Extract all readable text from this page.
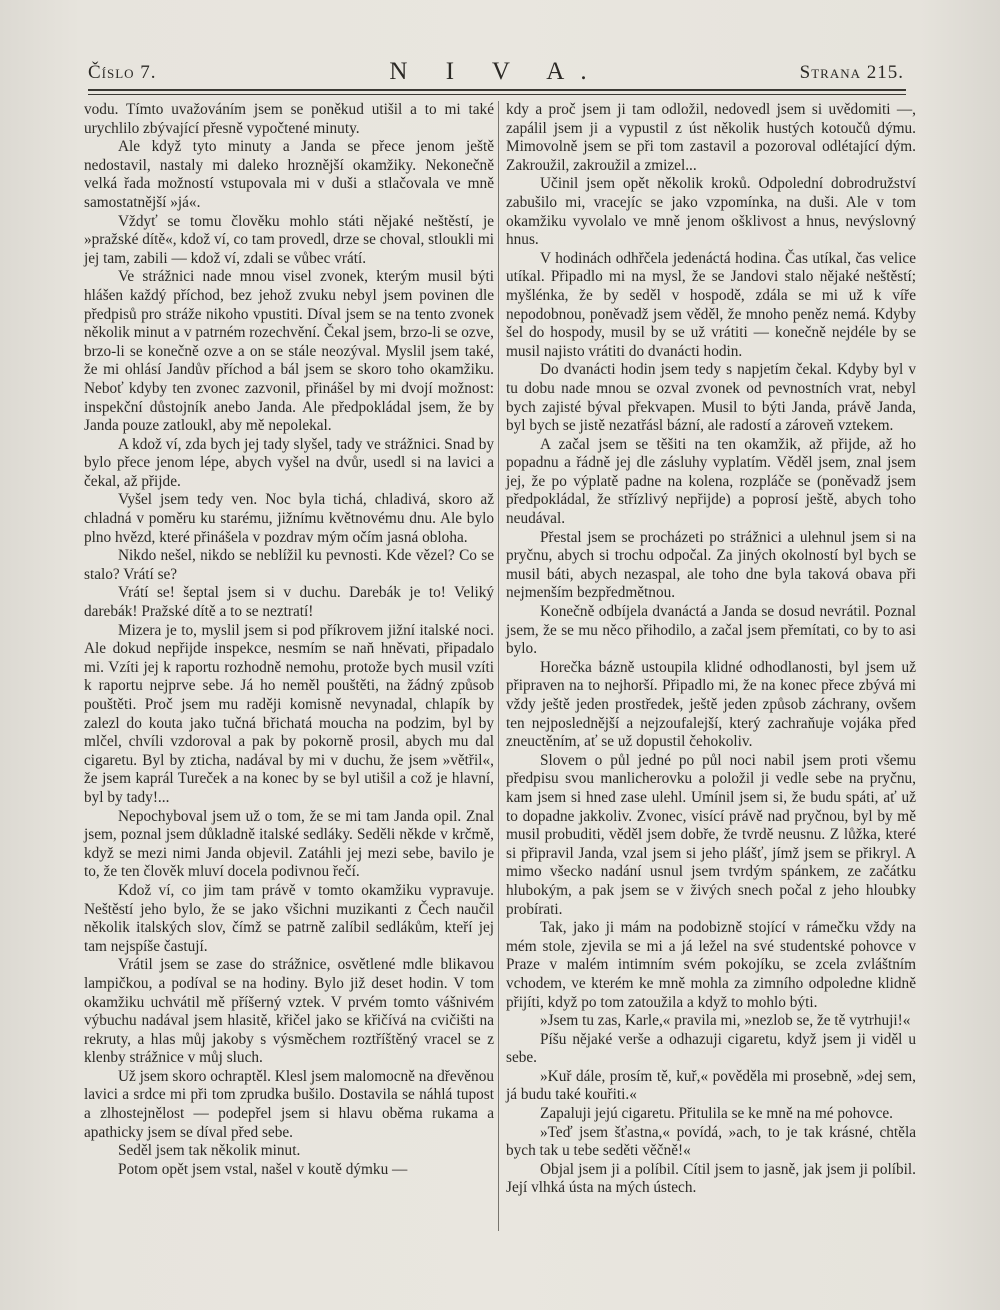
Číslo 7.	N I V A.	Strana 215.

vodu. Tímto uvažováním jsem se poněkud utišil a to mi také urychlilo zbývající přesně vypočtené minuty.

Ale když tyto minuty a Janda se přece jenom ještě nedostavil, nastaly mi daleko hroznější okamžiky. Nekonečně velká řada možností vstupovala mi v duši a stlačovala ve mně samostatnější »já«.

Vždyť se tomu člověku mohlo státi nějaké neštěstí, je »pražské dítě«, kdož ví, co tam provedl, drze se choval, stloukli mi jej tam, zabili — kdož ví, zdali se vůbec vrátí.

Ve strážnici nade mnou visel zvonek, kterým musil býti hlášen každý příchod, bez jehož zvuku nebyl jsem povinen dle předpisů pro stráže nikoho vpustiti. Díval jsem se na tento zvonek několik minut a v patrném rozechvění. Čekal jsem, brzo-li se ozve, brzo-li se konečně ozve a on se stále neozýval. Myslil jsem také, že mi ohlásí Jandův příchod a bál jsem se skoro toho okamžiku. Neboť kdyby ten zvonec zazvonil, přinášel by mi dvojí možnost: inspekční důstojník anebo Janda. Ale předpokládal jsem, že by Janda pouze zatloukl, aby mě nepolekal.

A kdož ví, zda bych jej tady slyšel, tady ve strážnici. Snad by bylo přece jenom lépe, abych vyšel na dvůr, usedl si na lavici a čekal, až přijde.

Vyšel jsem tedy ven. Noc byla tichá, chladivá, skoro až chladná v poměru ku starému, jižnímu květnovému dnu. Ale bylo plno hvězd, které přinášela v pozdrav mým očím jasná obloha.

Nikdo nešel, nikdo se neblížil ku pevnosti. Kde vězel? Co se stalo? Vrátí se?

Vrátí se! šeptal jsem si v duchu. Darebák je to! Veliký darebák! Pražské dítě a to se neztratí!

Mizera je to, myslil jsem si pod příkrovem jižní italské noci. Ale dokud nepřijde inspekce, nesmím se naň hněvati, připadalo mi. Vzíti jej k raportu rozhodně nemohu, protože bych musil vzíti k raportu nejprve sebe. Já ho neměl pouštěti, na žádný způsob pouštěti. Proč jsem mu raději komisně nevynadal, chlapík by zalezl do kouta jako tučná břichatá moucha na podzim, byl by mlčel, chvíli vzdoroval a pak by pokorně prosil, abych mu dal cigaretu. Byl by zticha, nadával by mi v duchu, že jsem »větřil«, že jsem kaprál Tureček a na konec by se byl utišil a což je hlavní, byl by tady!...

Nepochyboval jsem už o tom, že se mi tam Janda opil. Znal jsem, poznal jsem důkladně italské sedláky. Seděli někde v krčmě, když se mezi nimi Janda objevil. Zatáhli jej mezi sebe, bavilo je to, že ten člověk mluví docela podivnou řečí.

Kdož ví, co jim tam právě v tomto okamžiku vypravuje. Neštěstí jeho bylo, že se jako všichni muzikanti z Čech naučil několik italských slov, čímž se patrně zalíbil sedlákům, kteří jej tam nejspíše častují.

Vrátil jsem se zase do strážnice, osvětlené mdle blikavou lampičkou, a podíval se na hodiny. Bylo již deset hodin. V tom okamžiku uchvátil mě příšerný vztek. V prvém tomto vášnivém výbuchu nadával jsem hlasitě, křičel jako se křičívá na cvičišti na rekruty, a hlas můj jakoby s výsměchem roztříštěný vracel se z klenby strážnice v můj sluch.

Už jsem skoro ochraptěl. Klesl jsem malomocně na dřevěnou lavici a srdce mi při tom zprudka bušilo. Dostavila se náhlá tupost a zlhostejnělost — podepřel jsem si hlavu oběma rukama a apathicky jsem se díval před sebe.

Seděl jsem tak několik minut.

Potom opět jsem vstal, našel v koutě dýmku —

kdy a proč jsem ji tam odložil, nedovedl jsem si uvědomiti —, zapálil jsem ji a vypustil z úst několik hustých kotoučů dýmu. Mimovolně jsem se při tom zastavil a pozoroval odlétající dým. Zakroužil, zakroužil a zmizel...

Učinil jsem opět několik kroků. Odpolední dobrodružství zabušilo mi, vracejíc se jako vzpomínka, na duši. Ale v tom okamžiku vyvolalo ve mně jenom ošklivost a hnus, nevýslovný hnus.

V hodinách odhřčela jedenáctá hodina. Čas utíkal, čas velice utíkal. Připadlo mi na mysl, že se Jandovi stalo nějaké neštěstí; myšlénka, že by seděl v hospodě, zdála se mi už k víře nepodobnou, poněvadž jsem věděl, že mnoho peněz nemá. Kdyby šel do hospody, musil by se už vrátiti — konečně nejdéle by se musil najisto vrátiti do dvanácti hodin.

Do dvanácti hodin jsem tedy s napjetím čekal. Kdyby byl v tu dobu nade mnou se ozval zvonek od pevnostních vrat, nebyl bych zajisté býval překvapen. Musil to býti Janda, právě Janda, byl bych se jistě nezatřásl bázní, ale radostí a zároveň vztekem.

A začal jsem se těšiti na ten okamžik, až přijde, až ho popadnu a řádně jej dle zásluhy vyplatím. Věděl jsem, znal jsem jej, že po výplatě padne na kolena, rozpláče se (poněvadž jsem předpokládal, že střízlivý nepřijde) a poprosí ještě, abych toho neudával.

Přestal jsem se procházeti po strážnici a ulehnul jsem si na pryčnu, abych si trochu odpočal. Za jiných okolností byl bych se musil báti, abych nezaspal, ale toho dne byla taková obava při nejmenším bezpředmětnou.

Konečně odbíjela dvanáctá a Janda se dosud nevrátil. Poznal jsem, že se mu něco přihodilo, a začal jsem přemítati, co by to asi bylo.

Horečka bázně ustoupila klidné odhodlanosti, byl jsem už připraven na to nejhorší. Připadlo mi, že na konec přece zbývá mi vždy ještě jeden prostředek, ještě jeden způsob záchrany, ovšem ten nejposlednější a nejzoufalejší, který zachraňuje vojáka před zneuctěním, ať se už dopustil čehokoliv.

Slovem o půl jedné po půl noci nabil jsem proti všemu předpisu svou manlicherovku a položil ji vedle sebe na pryčnu, kam jsem si hned zase ulehl. Umínil jsem si, že budu spáti, ať už to dopadne jakkoliv. Zvonec, visící právě nad pryčnou, byl by mě musil probuditi, věděl jsem dobře, že tvrdě neusnu. Z lůžka, které si připravil Janda, vzal jsem si jeho plášť, jímž jsem se přikryl. A mimo všecko nadání usnul jsem tvrdým spánkem, ze začátku hlubokým, a pak jsem se v živých snech počal z jeho hloubky probírati.

Tak, jako ji mám na podobizně stojící v rámečku vždy na mém stole, zjevila se mi a já ležel na své studentské pohovce v Praze v malém intimním svém pokojíku, se zcela zvláštním vchodem, ve kterém ke mně mohla za zimního odpoledne klidně přijíti, když po tom zatoužila a když to mohlo býti.

»Jsem tu zas, Karle,« pravila mi, »nezlob se, že tě vytrhuji!«

Píšu nějaké verše a odhazuji cigaretu, když jsem ji viděl u sebe.

»Kuř dále, prosím tě, kuř,« pověděla mi prosebně, »dej sem, já budu také kouřiti.«

Zapaluji jejú cigaretu. Přitulila se ke mně na mé pohovce.

»Teď jsem šťastna,« povídá, »ach, to je tak krásné, chtěla bych tak u tebe seděti věčně!«

Objal jsem ji a políbil. Cítil jsem to jasně, jak jsem ji políbil. Její vlhká ústa na mých ústech.
